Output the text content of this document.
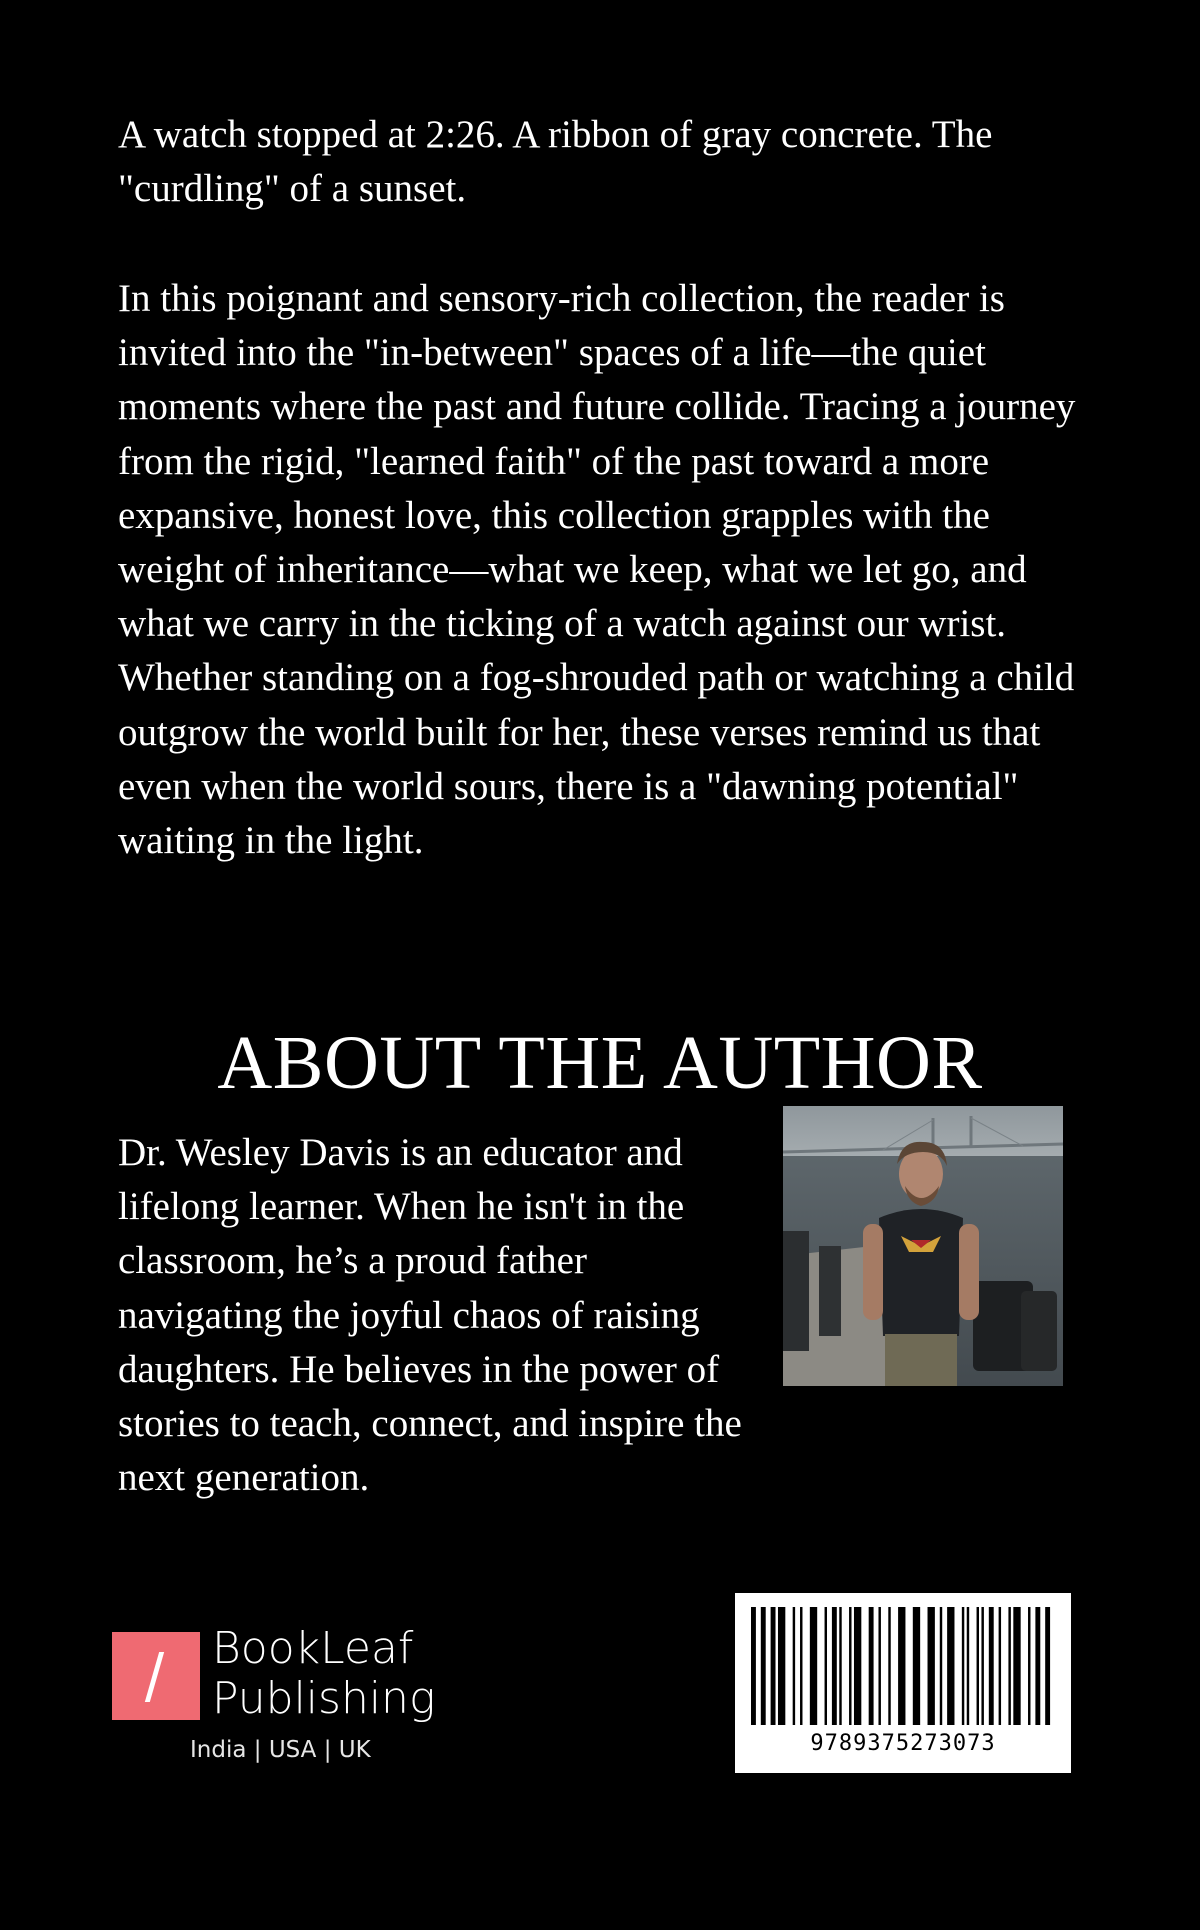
A watch stopped at 2:26. A ribbon of gray concrete. The "curdling" of a sunset.

In this poignant and sensory-rich collection, the reader is invited into the "in-between" spaces of a life—the quiet moments where the past and future collide. Tracing a journey from the rigid, "learned faith" of the past toward a more expansive, honest love, this collection grapples with the weight of inheritance—what we keep, what we let go, and what we carry in the ticking of a watch against our wrist. Whether standing on a fog-shrouded path or watching a child outgrow the world built for her, these verses remind us that even when the world sours, there is a "dawning potential" waiting in the light.

ABOUT THE AUTHOR

Dr. Wesley Davis is an educator and lifelong learner. When he isn't in the classroom, he’s a proud father navigating the joyful chaos of raising daughters. He believes in the power of stories to teach, connect, and inspire the next generation.

BookLeaf
Publishing
India | USA | UK	9789375273073
